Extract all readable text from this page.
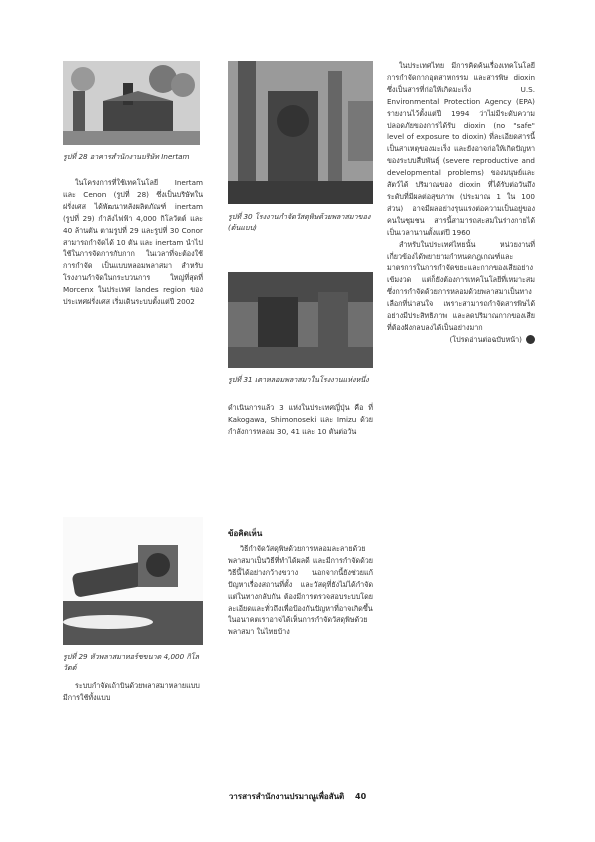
รูปที่ 28 อาคารสำนักงานบริษัท Inertam
รูปที่ 30 โรงงานกำจัดวัสดุพิษด้วยพลาสมาของ (ต้นแบบ)
รูปที่ 31 เตาหลอมพลาสมาในโรงงานแห่งหนึ่ง
รูปที่ 29 หัวพลาสมาทอร์ชขนาด 4,000 กิโลวัตต์

ในโครงการที่ใช้เทคโนโลยี Inertam และ Cenon (รูปที่ 28) ซึ่งเป็นบริษัทในฝรั่งเศส ได้พัฒนาหลังผลิตภัณฑ์ inertam (รูปที่ 29) กำลังไฟฟ้า 4,000 กิโลวัตต์ และ 40 ล้านตัน ตามรูปที่ 29 และรูปที่ 30 Conor สามารถกำจัดได้ 10 ตัน และ inertam นำไปใช้ในการจัดการกับกาก ในเวลาที่จะต้องใช้การกำจัด เป็นแบบหลอมพลาสมา สำหรับโรงงานกำจัดในกระบวนการ ใหญ่ที่สุดที่ Morcenx ในประเทศ landes region ของประเทศฝรั่งเศส เริ่มเดินระบบตั้งแต่ปี 2002

ระบบกำจัดเถ้าบินด้วยพลาสมาหลายแบบ มีการใช้ทั้งแบบ

ดำเนินการแล้ว 3 แห่งในประเทศญี่ปุ่น คือ ที่ Kakogawa, Shimonoseki และ Imizu ด้วยกำลังการหลอม 30, 41 และ 10 ตันต่อวัน

ข้อคิดเห็น

วิธีกำจัดวัสดุพิษด้วยการหลอมละลายด้วยพลาสมาเป็นวิธีที่ทำได้ผลดี และมีการกำจัดด้วยวิธีนี้ได้อย่างกว้างขวาง นอกจากนี้ยังช่วยแก้ปัญหาเรื่องสถานที่ตั้ง และวัสดุที่ยังไม่ได้กำจัด แต่ในทางกลับกัน ต้องมีการตรวจสอบระบบโดยละเอียดและทั่วถึงเพื่อป้องกันปัญหาที่อาจเกิดขึ้น ในอนาคตเราอาจได้เห็นการกำจัดวัสดุพิษด้วยพลาสมา ในไทยบ้าง

ในประเทศไทย มีการคิดค้นเรื่องเทคโนโลยีการกำจัดกากอุตสาหกรรม และสารพิษ dioxin ซึ่งเป็นสารที่ก่อให้เกิดมะเร็ง U.S. Environmental Protection Agency (EPA) รายงานไว้ตั้งแต่ปี 1994 ว่าไม่มีระดับความปลอดภัยของการได้รับ dioxin (no "safe" level of exposure to dioxin) ที่ละเอียดสารนี้เป็นสาเหตุของมะเร็ง และยังอาจก่อให้เกิดปัญหาของระบบสืบพันธุ์ (severe reproductive and developmental problems) ของมนุษย์และสัตว์ได้ ปริมาณของ dioxin ที่ได้รับต่อวันถึงระดับที่มีผลต่อสุขภาพ (ประมาณ 1 ใน 100 ส่วน) อาจมีผลอย่างรุนแรงต่อความเป็นอยู่ของคนในชุมชน สารนี้สามารถสะสมในร่างกายได้เป็นเวลานานตั้งแต่ปี 1960

สำหรับในประเทศไทยนั้น หน่วยงานที่เกี่ยวข้องได้พยายามกำหนดกฎเกณฑ์และมาตรการในการกำจัดขยะและกากของเสียอย่างเข้มงวด แต่ก็ยังต้องการเทคโนโลยีที่เหมาะสม ซึ่งการกำจัดด้วยการหลอมด้วยพลาสมาเป็นทางเลือกที่น่าสนใจ เพราะสามารถกำจัดสารพิษได้อย่างมีประสิทธิภาพ และลดปริมาณกากของเสียที่ต้องฝังกลบลงได้เป็นอย่างมาก

(โปรดอ่านต่อฉบับหน้า)

วารสารสำนักงานปรมาณูเพื่อสันติ 40
